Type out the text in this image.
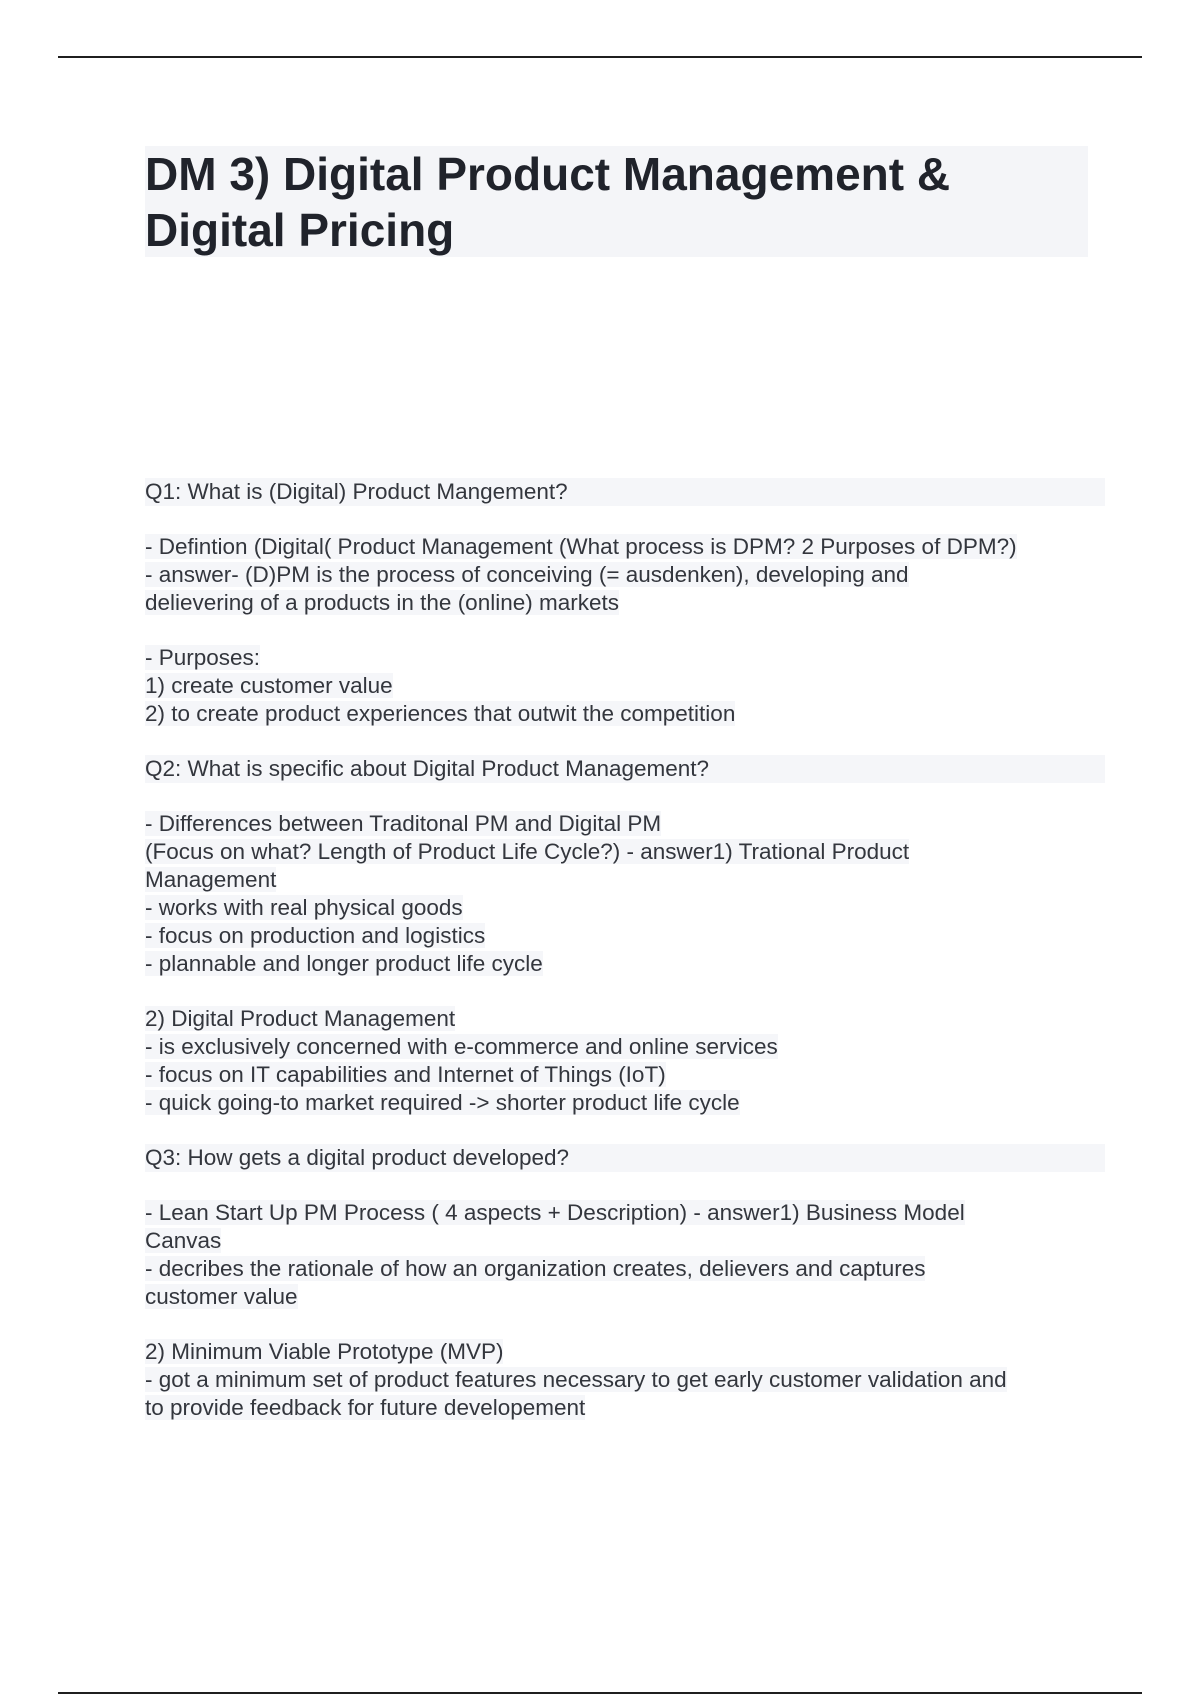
DM 3) Digital Product Management &
Digital Pricing
Q1: What is (Digital) Product Mangement?
- Defintion (Digital( Product Management (What process is DPM? 2 Purposes of DPM?)
- answer- (D)PM is the process of conceiving (= ausdenken), developing and
delievering of a products in the (online) markets
- Purposes:
1) create customer value
2) to create product experiences that outwit the competition
Q2: What is specific about Digital Product Management?
- Differences between Traditonal PM and Digital PM
(Focus on what? Length of Product Life Cycle?) - answer1) Trational Product
Management
- works with real physical goods
- focus on production and logistics
- plannable and longer product life cycle
2) Digital Product Management
- is exclusively concerned with e-commerce and online services
- focus on IT capabilities and Internet of Things (IoT)
- quick going-to market required -> shorter product life cycle
Q3: How gets a digital product developed?
- Lean Start Up PM Process ( 4 aspects + Description) - answer1) Business Model
Canvas
- decribes the rationale of how an organization creates, delievers and captures
customer value
2) Minimum Viable Prototype (MVP)
- got a minimum set of product features necessary to get early customer validation and
to provide feedback for future developement
